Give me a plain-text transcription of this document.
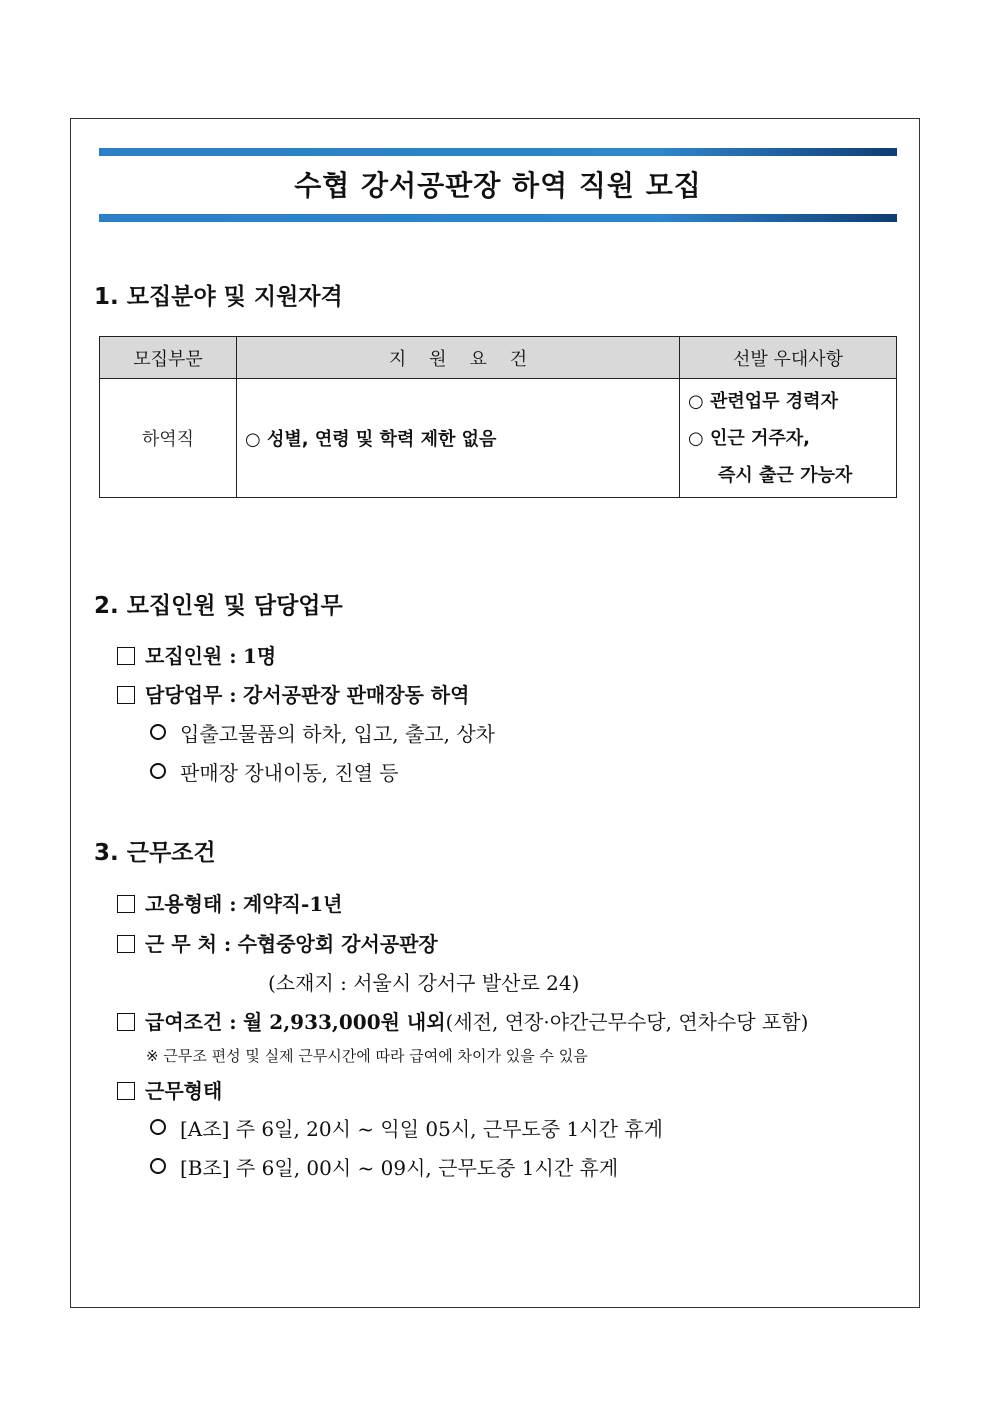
수협 강서공판장 하역 직원 모집
1. 모집분야 및 지원자격
모집부문	지    원    요    건	선발 우대사항
하역직	○ 성별, 연령 및 학력 제한 없음	○ 관련업무 경력자
○ 인근 거주자,
즉시 출근 가능자
2. 모집인원 및 담당업무
모집인원 : 1명
담당업무 : 강서공판장 판매장동 하역
입출고물품의 하차, 입고, 출고, 상차
판매장 장내이동, 진열 등
3. 근무조건
고용형태 : 계약직-1년
근 무 처 : 수협중앙회 강서공판장
(소재지 : 서울시 강서구 발산로 24)
급여조건 : 월 2,933,000원 내외(세전, 연장·야간근무수당, 연차수당 포함)
※ 근무조 편성 및 실제 근무시간에 따라 급여에 차이가 있을 수 있음
근무형태
[A조] 주 6일, 20시 ~ 익일 05시, 근무도중 1시간 휴게
[B조] 주 6일, 00시 ~ 09시, 근무도중 1시간 휴게
